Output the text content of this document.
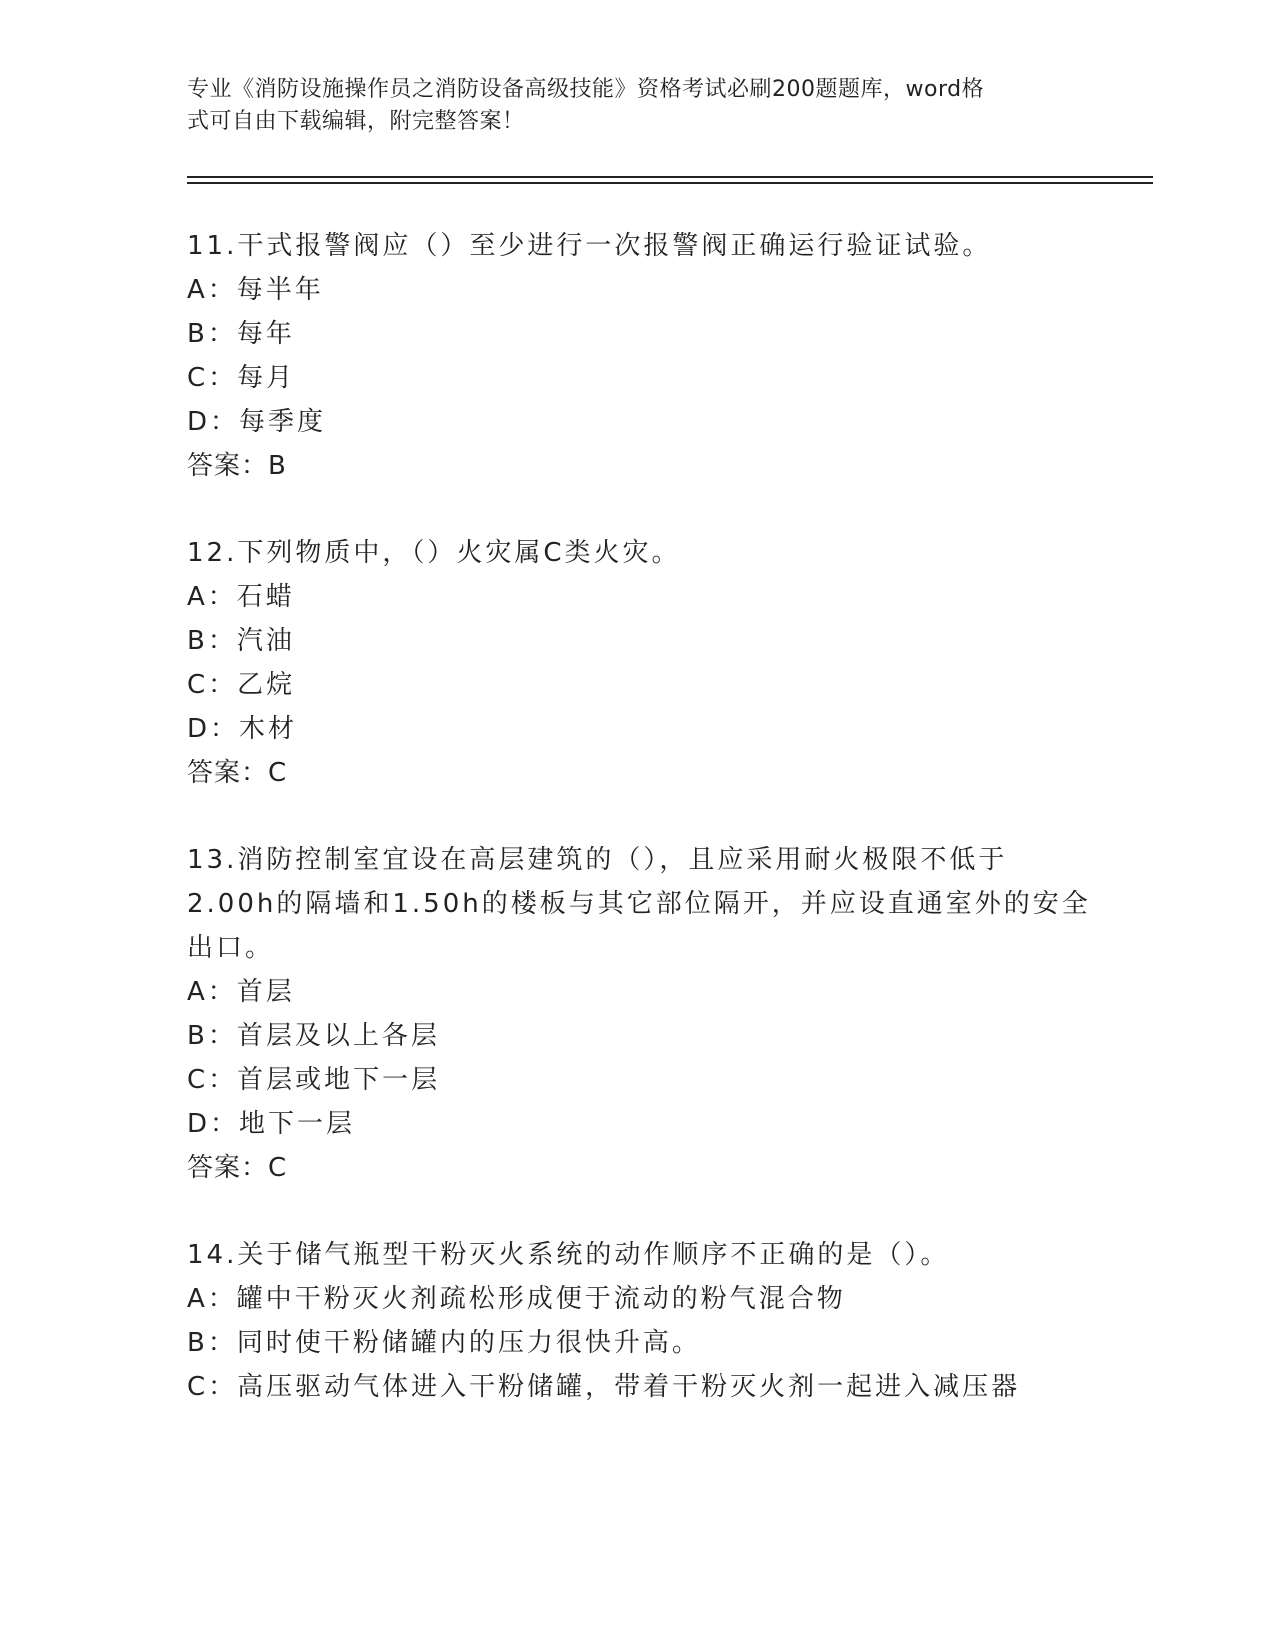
专业《消防设施操作员之消防设备高级技能》资格考试必刷200题题库，word格
式可自由下载编辑，附完整答案！
11.干式报警阀应（）至少进行一次报警阀正确运行验证试验。
A：每半年
B：每年
C：每月
D：每季度
答案：B
12.下列物质中，（）火灾属C类火灾。
A：石蜡
B：汽油
C：乙烷
D：木材
答案：C
13.消防控制室宜设在高层建筑的（），且应采用耐火极限不低于
2.00h的隔墙和1.50h的楼板与其它部位隔开，并应设直通室外的安全
出口。
A：首层
B：首层及以上各层
C：首层或地下一层
D：地下一层
答案：C
14.关于储气瓶型干粉灭火系统的动作顺序不正确的是（）。
A：罐中干粉灭火剂疏松形成便于流动的粉气混合物
B：同时使干粉储罐内的压力很快升高。
C：高压驱动气体进入干粉储罐，带着干粉灭火剂一起进入减压器
